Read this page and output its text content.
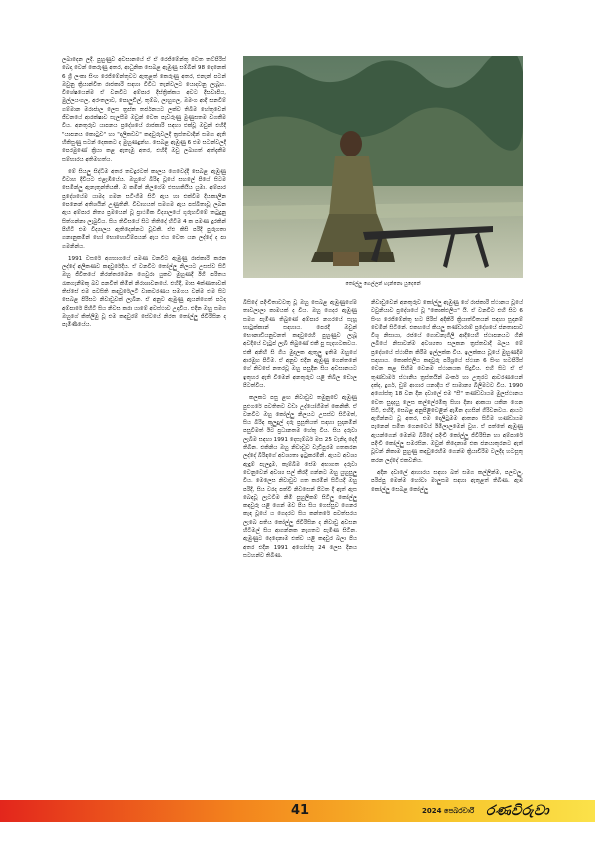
ලබාදෙන ලදි. පුහුණුව අවසානයේ ඒ ඒ රෙජිමේන්තු වෙත තට්පිරිස් බෙදා වෙන් කෙරුණු අතර, ආධුනික සෙබළ ඇඹුණු සම්බින් 98 දෙනෙක් 6 ශ්‍රී ලංකා සිංහ රෙජිමේන්තුවට ඇතුළත් කෙරුණු අතර, එනැන් පටන් ඔවුනු ක්‍රියාන්විත රාජකාරි සඳහා විවිධ තැන්වලට යොදවනු ලැබූහ. විශේෂයෙන්ම ඒ වනවිට අම්පාර දිස්ත්‍රික්කය අවට දීඝවාපිය, මුල්ලයංගල, අරංතලාව, පොලුඩිල්, තුම්බ, ලාහුගල, ඔමංග ආදී ඝනවිම් ගම්මාන මරාජාල ලෙස ත්‍රස්ත තර්ජනයට ලක්ව තිබීම හේතුවෙන් ජීවනයේ ආරක්ෂාව සැලසීම ඔවුන් වෙත පැවරුණු මුණුසතම වගකීම විය. අනතුරුව යාපනය ප්‍රදේශයේ රාජකාරි සඳහා එක්වූ ඔවුන් එහිදී "යාපනය කොටුව" හා "දලිකඩව" කඳවුරුවලදී ත්‍රස්තවාදීන් සමග ඇති හිකිසුණු සටන් දෙකකට ද මුහුණදුන්හ. සෙබළ ඇඹුණු 6 එම සටන්වලදී පෙරමුණේ ක්‍රියා කළ ඇතැමු අතර, එහිදී ඔවු ලබාගත් අත්දැකීම සම්භාරය අතිමහත්ය.

මේ සියලු සිද්ධීම අතර තවදුරටත් කාලය ගෙවෙද්දී සෙබළ ඇඹුණු විවාහ දිවියට එළැඹියේය. ඔහුගේ බිරිඳ වූයේ සහලේ පියේ සිටම සෙමින්ලු ඇනැතුන්තියකී. ඔ කමින් නිලගේම එසහකියිය යුමා. අම්පාර ප්‍රදේශයේම යාමද ගමන සටිංගිම සිටි ඇය හා එක්වීම දියකාලීන පෙනෙන් අතිශයින් උණුතිනී. විවාහයත් සමගම ඇය පස්බිතාවූ ලබන ඇය අම්පාර නිත්‍ය ප්‍රමයෙන් වූ ප්‍රාථමික විද්‍යාලයේ ගුරුහවීමේ තටුදුනු සිත්ගන්නා ලැබුවිය. සිය තිවිසයේ සිට තිතිදේ හිටීම 4 ක පමණ දුරකින් පිහිටි එම විද්‍යාලය ඇතිදෙන්නට වූවකී. ඒඑ කිසි පරිදි පුරුගතා ගනානුකමින් හෝ භොහොවිම්පයන් ඇය එය වෙත යන ලද්දේ ද පා ගමනින්ය.

1991 වසරේ අගභාගයේ පමණ වනවිට ඇඹුණු රාජකාරි කරන ලද්දේ අලිකණව කඳවුරේදිය. ඒ වනවිට තෝල්ලු නිලයට උසස්ව සිටි ඔහු ජීවිතයේ නිරන්තරමෙන ගෙවුරා යුකව මුහුණදී ඊගි පරිතය රැකගැනීමකු බව පනවිත් කිමින් නිරාශාවනයේ. එහිදී, මාස 4ක්ණතාවක් තිස්සේ එම පවසිති කඳවුරේලටි වාකවරණය සමගය වන්ම එම සිට සෙබළ පිරිසට නිවාඩුවක් ලැබින. ඒ අනුව ඇඹුණු ඇයන්ගෙත් පටද අම්පාරේ පිහිටි සිය නිවස කරා යාමේ අවස්ථාව උදාවිය. එදින ඔහු සමග ඔහුගේ කිත්ලිමු වූ එම කඳවුරම් සේවයේ නිරත තෝල්ලු ජිවිරිසින ද පැමිණියේය.

තෝල්ලු ගෙල්ලන් හැන්නො යුදෙනේ

බිසිදේ පදිංචිතාවවතු වූ ඔහු සෙබළ ඇඹුණුගේම තාවලාලා කාමයක් ද විය. ඔහු ගෙදර ඇඹුණු සමග පැමිණ තිබුණේ අම්පාර නගරයේ සැහූ භාටුක්කාන් සඳහාය. පෙරදී ඔවුන් භෞනාඩියනුවනත් කඳවුරෙහි පුහුණුව ලැබූ අවදියේ වැටුප් ලැබී තිබුණේ එකී පු සැදහටකවය. එකී අනිහි සි ගිය මුදලක ඇතුලු ඉතිම ඔහුගේ ආරමුහ පිටීම. ඒ අනුව එදින ඇඹුණු ගෙන්තනේ ගේ නිවසේ නතරවූ ඔහු පසුදින සිය අවසානයට ඉතුහර ඇති විමෙන් අනතුරුව යළි තිබීල ඩොල පිටත්විය.

කලකට පසු ළඟ නිවාඩුව තමුනුවේ ඇඹුණු පුළුගරේ පවතිතව වඩා උද්යෝගීමත් කෙනිකී. ඒ වනවිට ඔහු කෝල්ලු නිලයට උසස්ව සිටීමත්, සිය බිරිඳ කුලුදුල් දරු ප්‍රසූතියත් සඳහා සූදානමින් පසුවීමත් ඊට ප්‍රධානතම හේතු විය. සිය දරුවා ලැබීම සඳහා 1991 දෙසැම්බර් මස 25 වැනිදා දෙදී තිබින. එකිනිය ඔහු නිවාඩුව වැඩිපුරම ගතකරන ලද්දේ බිරිඳගේ අවශ්‍යතා ඉටුකරමිනි. ඇයට අවශ්‍ය ඇඳුම් පැලදුම, කෑම්බිම සේම අභාගත දරුවා වෙනුවෙන් අවශ්‍ය සල් කීරදි ගන්නට ඔහු යුහුසුලු විය. මෙලෙස නිවාඩුව ගත කරමින් සිටියදී ඔහු පරිදි, සිය වරද පත්වී නිවසෙන් පිටත දී ඇත් ඇස බෙඳවූ ලැටවීම නිමි පුහුලිකම් සිටිලු කෝල්ලු කඳවුරු යළි ගෙන් මව පිය සිය ගෙස්සුව ගෙනර කැඳ වූයේ ය ගෙදරට සිය කන්තරේ පවත්සරය ලැබෙ පතිය කෝල්ලු ජිවිරිසින ද නිවාඩු අවසන හිටීමල් සිය ආගන්නක නැගතට පැමිණ සිටින. ඇඹුණුට දෙදෙනාම එක්ව යළි කඳවුර බලා පිය අතර එදින 1991 අගෝස්තු 24 ලෙස දිනය සටහන්ව තිබිණ.

නිවාඩුවෙන් අනතුරුව කෝල්ලු ඇඹුණු ගේ රාජකාරි ස්ථානය වූයේ වවුනියාව ප්‍රදේශයේ වූ "කොක්එලිය" යි. ඒ වනවිට එහි සිට 6 සිංහ රෙජිමේන්තු භට පිරිස් අදිකිරි ක්‍රියාත්විතයන් සඳහා සූදානම් වෙමින් සිටිනේ. එකහයේ කියලු තණ්ඩාරාම් ප්‍රදේශයේ ජනතාපාව විශු නිසායා, රජයේ ගොඩනැගිලි ආදියෙහි ස්ථාපනයට ගිනි ලබියේ නිසාවන්ම අවශ්‍යතා සලකන ත්‍රස්තවාදී බලය මේ ප්‍රදේශයේ ස්ථාපිත කිරීම ඉල්ලක්ක විය. ඉලක්කය වූයේ මුහුණදීම සඳහාය. කොක්එලිය කඳවුරු පරිශ්‍රයේ ස්ථාන 6 සිංහ භටපිරිස් වෙන කළ සිහිම වෙනම ස්ථානයක සිදුවිය. එහි සිට ඒ ඒ තුණ්ඩාර්ම ස්ථානීය ත්‍රස්තයින් බංකර් හා උතුරට ආවරණයෙන් දක්ද, දුර්ග, ඩුම් ආගාර යනාදිය ඒ සාමාන්‍ය බිලිමටව විය. 1990 අගෝස්තු 18 වන දින දවාලේ එම "සී" තණ්ඩවායම මුලස්ථානය වෙත සුදාදයු ලෙස කල්ලේරමිකු සිහා දිනා ආකයා යකින ගෙන සිටී, එහිදී, සෙබළ අනුපිළිවෙළින් ඇඹින දහසින් ගිරිවනවය. ආයට ඇගින්නට වූ අතර, එම දෙලිටුමම ආතනා සිටීම හණ්ඩායම පැනෙන් සමිත ගෙනවෙය් ඊමිලාලමෙන් වුහ. ඒ පත්තේ ඇඹුණු ඇයන්ගෙන් මෙන්ම බිරිදේ පදිංචි කෝල්ලු ජිවිරිසින හා අම්පාරේ පදිංචි කෝල්ලු සමරසින. ඔවුන් තිදෙනාම එක ජනයාතුරනට ඇත් වූවන් නිකාම පුහුණු කඳවුරෙහිම ගෙන්ම ක්‍රියාචිරිම වලදීද හටපූතු කරන ලද්දේ එකවනිය.

අදින දවාලේ ආහාරය සඳහා බත් සමග කල්ලින්ම, පලවලු, පරිප්පු මෙන්ම හෝවා මාලුසම සඳහා ඇතුළත් තිබිණ. ඇඹ කෝල්ලු සෙබළ කෝල්ලු

41	2024 පෙබරවාරි රණවිරුවා
